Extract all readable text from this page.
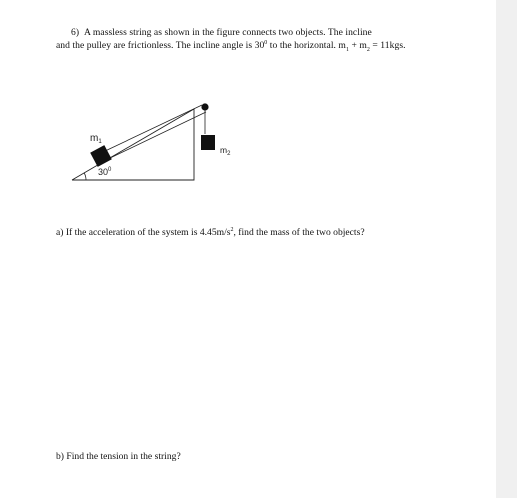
6) A massless string as shown in the figure connects two objects. The incline
and the pulley are frictionless. The incline angle is $30^0$ to the horizontal. $m_1 + m_2 = 11kgs$.
$m_1$
$m_2$
$30^0$
a) If the acceleration of the system is $4.45m/s^2$, find the mass of the two objects?
b) Find the tension in the string?
